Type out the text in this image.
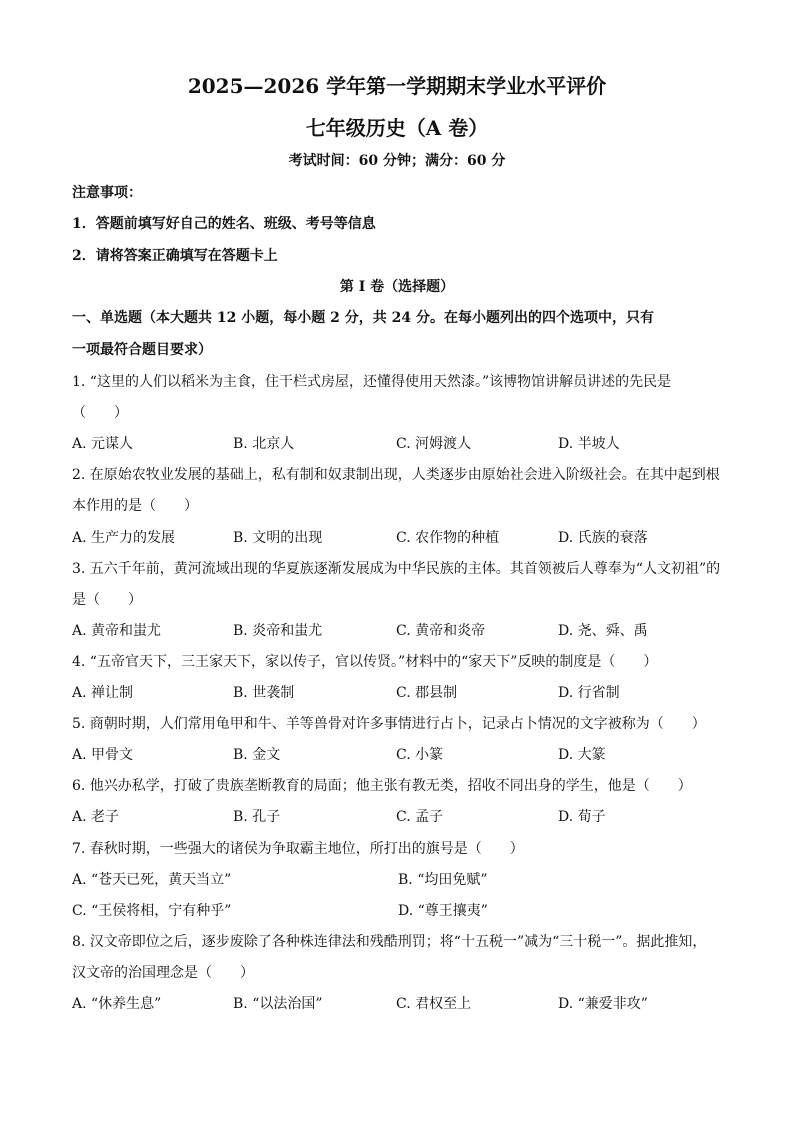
2025—2026 学年第一学期期末学业水平评价
七年级历史（A 卷）
考试时间：60 分钟；满分：60 分
注意事项：
1．答题前填写好自己的姓名、班级、考号等信息
2．请将答案正确填写在答题卡上
第 I 卷（选择题）
一、单选题（本大题共 12 小题，每小题 2 分，共 24 分。在每小题列出的四个选项中，只有
一项最符合题目要求）
1. “这里的人们以稻米为主食，住干栏式房屋，还懂得使用天然漆。”该博物馆讲解员讲述的先民是
（　　）
A. 元谋人	B. 北京人	C. 河姆渡人	D. 半坡人
2. 在原始农牧业发展的基础上，私有制和奴隶制出现，人类逐步由原始社会进入阶级社会。在其中起到根
本作用的是（　　）
A. 生产力的发展	B. 文明的出现	C. 农作物的种植	D. 氏族的衰落
3. 五六千年前，黄河流域出现的华夏族逐渐发展成为中华民族的主体。其首领被后人尊奉为“人文初祖”的
是（　　）
A. 黄帝和蚩尤	B. 炎帝和蚩尤	C. 黄帝和炎帝	D. 尧、舜、禹
4. “五帝官天下，三王家天下，家以传子，官以传贤。”材料中的“家天下”反映的制度是（　　）
A. 禅让制	B. 世袭制	C. 郡县制	D. 行省制
5. 商朝时期，人们常用龟甲和牛、羊等兽骨对许多事情进行占卜，记录占卜情况的文字被称为（　　）
A. 甲骨文	B. 金文	C. 小篆	D. 大篆
6. 他兴办私学，打破了贵族垄断教育的局面；他主张有教无类，招收不同出身的学生，他是（　　）
A. 老子	B. 孔子	C. 孟子	D. 荀子
7. 春秋时期，一些强大的诸侯为争取霸主地位，所打出的旗号是（　　）
A. “苍天已死，黄天当立”	B. “均田免赋”
C. “王侯将相，宁有种乎”	D. “尊王攘夷”
8. 汉文帝即位之后，逐步废除了各种株连律法和残酷刑罚；将“十五税一”减为“三十税一”。据此推知，
汉文帝的治国理念是（　　）
A. “休养生息”	B. “以法治国”	C. 君权至上	D. “兼爱非攻”
